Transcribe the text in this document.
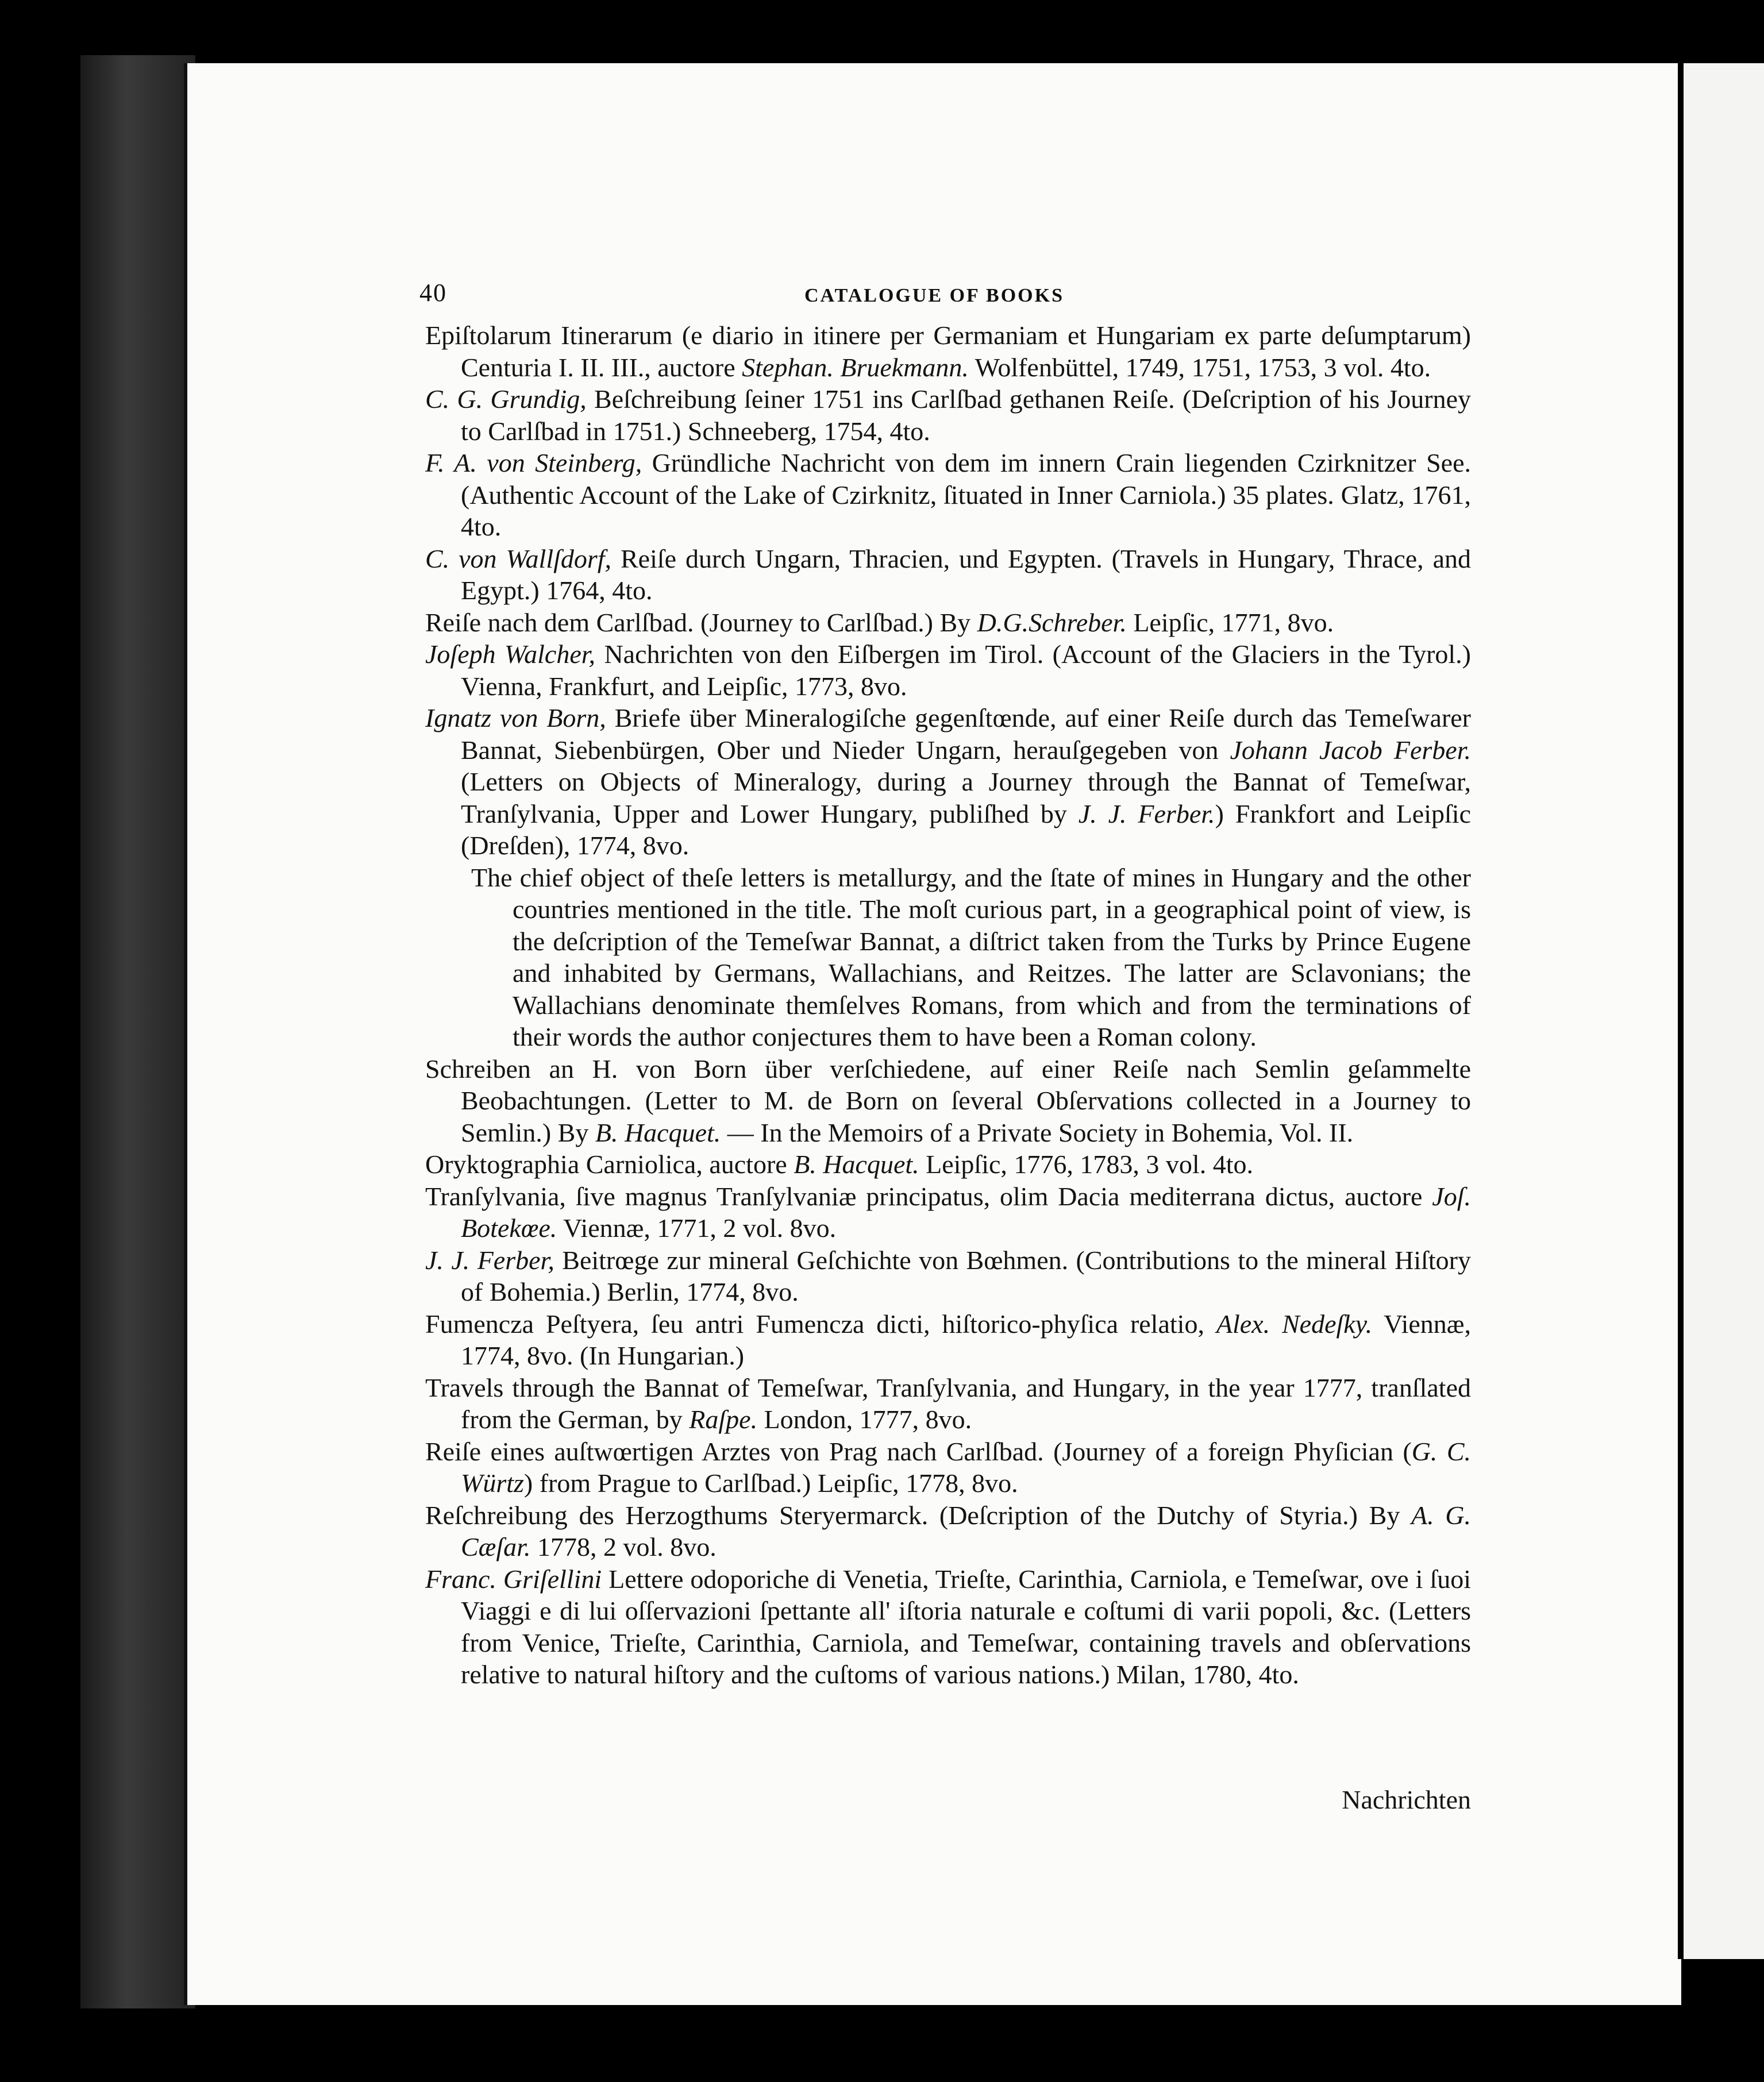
40	CATALOGUE OF BOOKS

Epiſtolarum Itinerarum (e diario in itinere per Germaniam et Hungariam ex parte deſumptarum) Centuria I. II. III., auctore Stephan. Bruekmann. Wolfenbüttel, 1749, 1751, 1753, 3 vol. 4to.

C. G. Grundig, Beſchreibung ſeiner 1751 ins Carlſbad gethanen Reiſe. (Deſcription of his Journey to Carlſbad in 1751.) Schneeberg, 1754, 4to.

F. A. von Steinberg, Gründliche Nachricht von dem im innern Crain liegenden Czirknitzer See. (Authentic Account of the Lake of Czirknitz, ſituated in Inner Carniola.) 35 plates. Glatz, 1761, 4to.

C. von Wallſdorf, Reiſe durch Ungarn, Thracien, und Egypten. (Travels in Hungary, Thrace, and Egypt.) 1764, 4to.

Reiſe nach dem Carlſbad. (Journey to Carlſbad.) By D.G.Schreber. Leipſic, 1771, 8vo.

Joſeph Walcher, Nachrichten von den Eiſbergen im Tirol. (Account of the Glaciers in the Tyrol.) Vienna, Frankfurt, and Leipſic, 1773, 8vo.

Ignatz von Born, Briefe über Mineralogiſche gegenſtœnde, auf einer Reiſe durch das Temeſwarer Bannat, Siebenbürgen, Ober und Nieder Ungarn, herauſgegeben von Johann Jacob Ferber. (Letters on Objects of Mineralogy, during a Journey through the Bannat of Temeſwar, Tranſylvania, Upper and Lower Hungary, publiſhed by J. J. Ferber.) Frankfort and Leipſic (Dreſden), 1774, 8vo.

The chief object of theſe letters is metallurgy, and the ſtate of mines in Hungary and the other countries mentioned in the title. The moſt curious part, in a geographical point of view, is the deſcription of the Temeſwar Bannat, a diſtrict taken from the Turks by Prince Eugene and inhabited by Germans, Wallachians, and Reitzes. The latter are Sclavonians; the Wallachians denominate themſelves Romans, from which and from the terminations of their words the author conjectures them to have been a Roman colony.

Schreiben an H. von Born über verſchiedene, auf einer Reiſe nach Semlin geſammelte Beobachtungen. (Letter to M. de Born on ſeveral Obſervations collected in a Journey to Semlin.) By B. Hacquet. — In the Memoirs of a Private Society in Bohemia, Vol. II.

Oryktographia Carniolica, auctore B. Hacquet. Leipſic, 1776, 1783, 3 vol. 4to.

Tranſylvania, ſive magnus Tranſylvaniæ principatus, olim Dacia mediterrana dictus, auctore Joſ. Botekœe. Viennæ, 1771, 2 vol. 8vo.

J. J. Ferber, Beitrœge zur mineral Geſchichte von Bœhmen. (Contributions to the mineral Hiſtory of Bohemia.) Berlin, 1774, 8vo.

Fumencza Peſtyera, ſeu antri Fumencza dicti, hiſtorico-phyſica relatio, Alex. Nedeſky. Viennæ, 1774, 8vo. (In Hungarian.)

Travels through the Bannat of Temeſwar, Tranſylvania, and Hungary, in the year 1777, tranſlated from the German, by Raſpe. London, 1777, 8vo.

Reiſe eines auſtwœrtigen Arztes von Prag nach Carlſbad. (Journey of a foreign Phyſician (G. C. Würtz) from Prague to Carlſbad.) Leipſic, 1778, 8vo.

Reſchreibung des Herzogthums Steryermarck. (Deſcription of the Dutchy of Styria.) By A. G. Cæſar. 1778, 2 vol. 8vo.

Franc. Griſellini Lettere odoporiche di Venetia, Trieſte, Carinthia, Carniola, e Temeſwar, ove i ſuoi Viaggi e di lui oſſervazioni ſpettante all' iſtoria naturale e coſtumi di varii popoli, &c. (Letters from Venice, Trieſte, Carinthia, Carniola, and Temeſwar, containing travels and obſervations relative to natural hiſtory and the cuſtoms of various nations.) Milan, 1780, 4to.

Nachrichten
